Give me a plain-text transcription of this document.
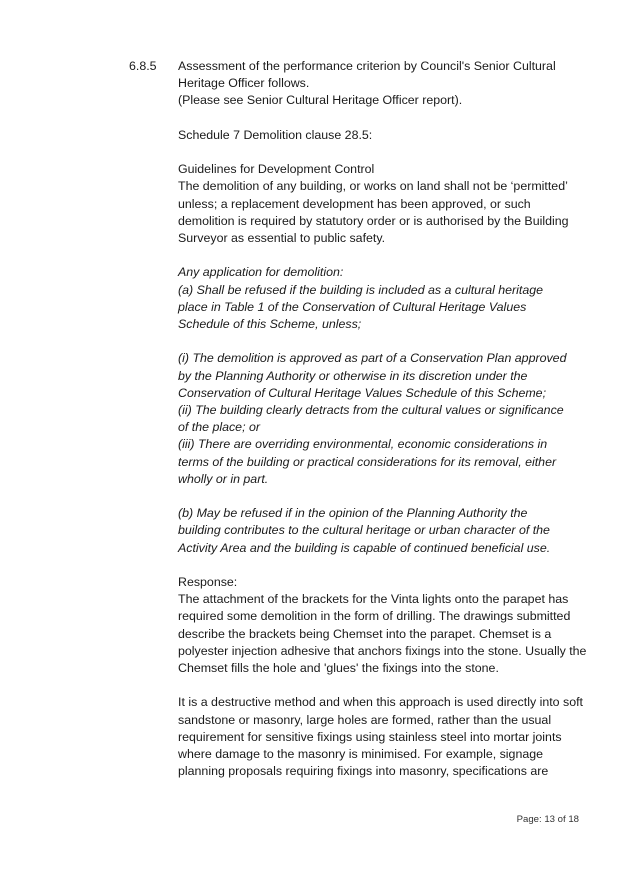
6.8.5 Assessment of the performance criterion by Council's Senior Cultural

Heritage Officer follows.

(Please see Senior Cultural Heritage Officer report).

Schedule 7 Demolition clause 28.5:

Guidelines for Development Control

The demolition of any building, or works on land shall not be ‘permitted’

unless; a replacement development has been approved, or such

demolition is required by statutory order or is authorised by the Building

Surveyor as essential to public safety.

Any application for demolition:

(a) Shall be refused if the building is included as a cultural heritage

place in Table 1 of the Conservation of Cultural Heritage Values

Schedule of this Scheme, unless;

(i) The demolition is approved as part of a Conservation Plan approved

by the Planning Authority or otherwise in its discretion under the

Conservation of Cultural Heritage Values Schedule of this Scheme;

(ii) The building clearly detracts from the cultural values or significance

of the place; or

(iii) There are overriding environmental, economic considerations in

terms of the building or practical considerations for its removal, either

wholly or in part.

(b) May be refused if in the opinion of the Planning Authority the

building contributes to the cultural heritage or urban character of the

Activity Area and the building is capable of continued beneficial use.

Response:

The attachment of the brackets for the Vinta lights onto the parapet has

required some demolition in the form of drilling. The drawings submitted

describe the brackets being Chemset into the parapet. Chemset is a

polyester injection adhesive that anchors fixings into the stone. Usually the

Chemset fills the hole and 'glues' the fixings into the stone.

It is a destructive method and when this approach is used directly into soft

sandstone or masonry, large holes are formed, rather than the usual

requirement for sensitive fixings using stainless steel into mortar joints

where damage to the masonry is minimised. For example, signage

planning proposals requiring fixings into masonry, specifications are

Page: 13 of 18
